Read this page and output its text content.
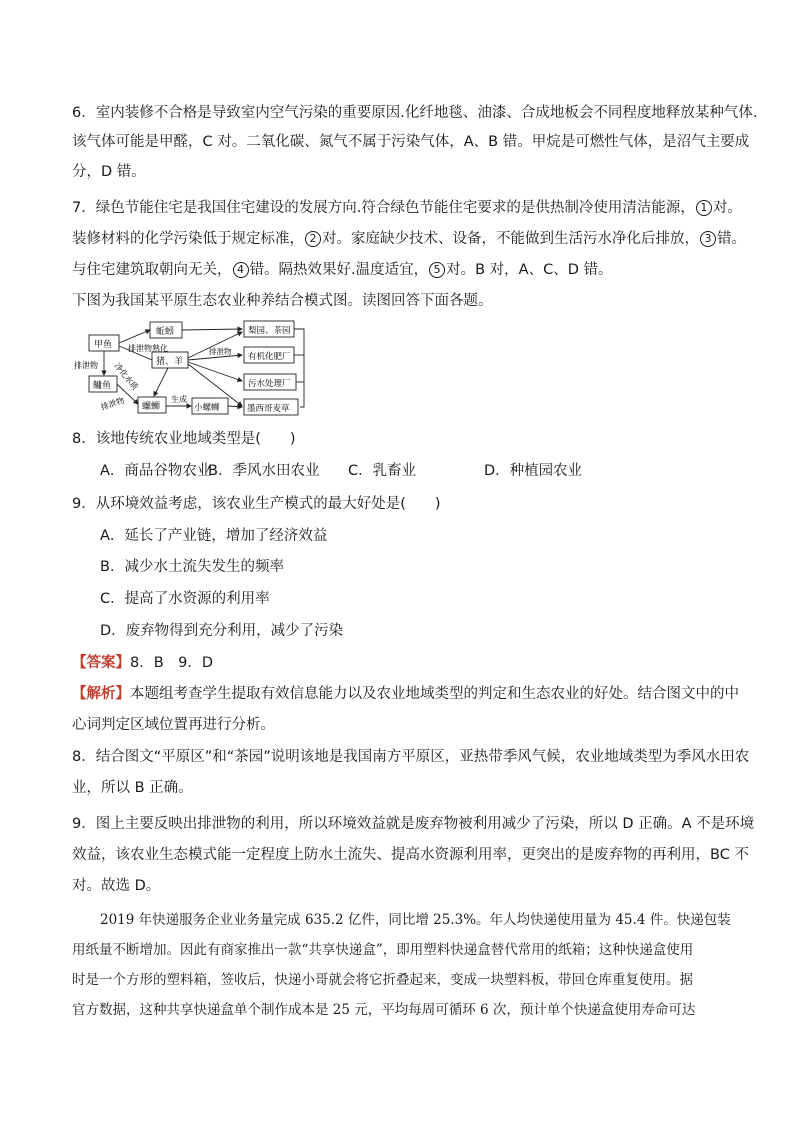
6．室内装修不合格是导致室内空气污染的重要原因.化纤地毯、油漆、合成地板会不同程度地释放某种气体.
该气体可能是甲醛，C 对。二氧化碳、氮气不属于污染气体，A、B 错。甲烷是可燃性气体，是沼气主要成
分，D 错。
7．绿色节能住宅是我国住宅建设的发展方向.符合绿色节能住宅要求的是供热制冷使用清洁能源， 1 对。
装修材料的化学污染低于规定标准， 2 对。家庭缺少技术、设备，不能做到生活污水净化后排放， 3 错。
与住宅建筑取朝向无关， 4 错。隔热效果好.温度适宜， 5 对。B 对，A、C、D 错。
下图为我国某平原生态农业种养结合模式图。读图回答下面各题。
甲鱼
蚯蚓
排泄物熟化
猪、羊
梨园、茶园
有机化肥厂
污水处理厂
墨西哥麦草
排泄物
排泄物
排泄物
净化水质
鳙鱼
螺蛳
生成
小螺蛳
8．该地传统农业地域类型是(　　)
A．商品谷物农业B．季风水田农业 C．乳畜业	D．种植园农业
9．从环境效益考虑，该农业生产模式的最大好处是(　　)
A．延长了产业链，增加了经济效益
B．减少水土流失发生的频率
C．提高了水资源的利用率
D．废弃物得到充分利用，减少了污染
【答案】8．B　9．D
【解析】本题组考查学生提取有效信息能力以及农业地域类型的判定和生态农业的好处。结合图文中的中
心词判定区域位置再进行分析。
8．结合图文“平原区”和“茶园”说明该地是我国南方平原区，亚热带季风气候，农业地域类型为季风水田农
业，所以 B 正确。
9．图上主要反映出排泄物的利用，所以环境效益就是废弃物被利用减少了污染，所以 D 正确。A 不是环境
效益，该农业生态模式能一定程度上防水土流失、提高水资源利用率，更突出的是废弃物的再利用，BC 不
对。故选 D。
2019 年快递服务企业业务量完成 635.2 亿件，同比增 25.3%。年人均快递使用量为 45.4 件。快递包装
用纸量不断增加。因此有商家推出一款“共享快递盒”，即用塑料快递盒替代常用的纸箱；这种快递盒使用
时是一个方形的塑料箱，签收后，快递小哥就会将它折叠起来，变成一块塑料板，带回仓库重复使用。据
官方数据，这种共享快递盒单个制作成本是 25 元，平均每周可循环 6 次，预计单个快递盒使用寿命可达
